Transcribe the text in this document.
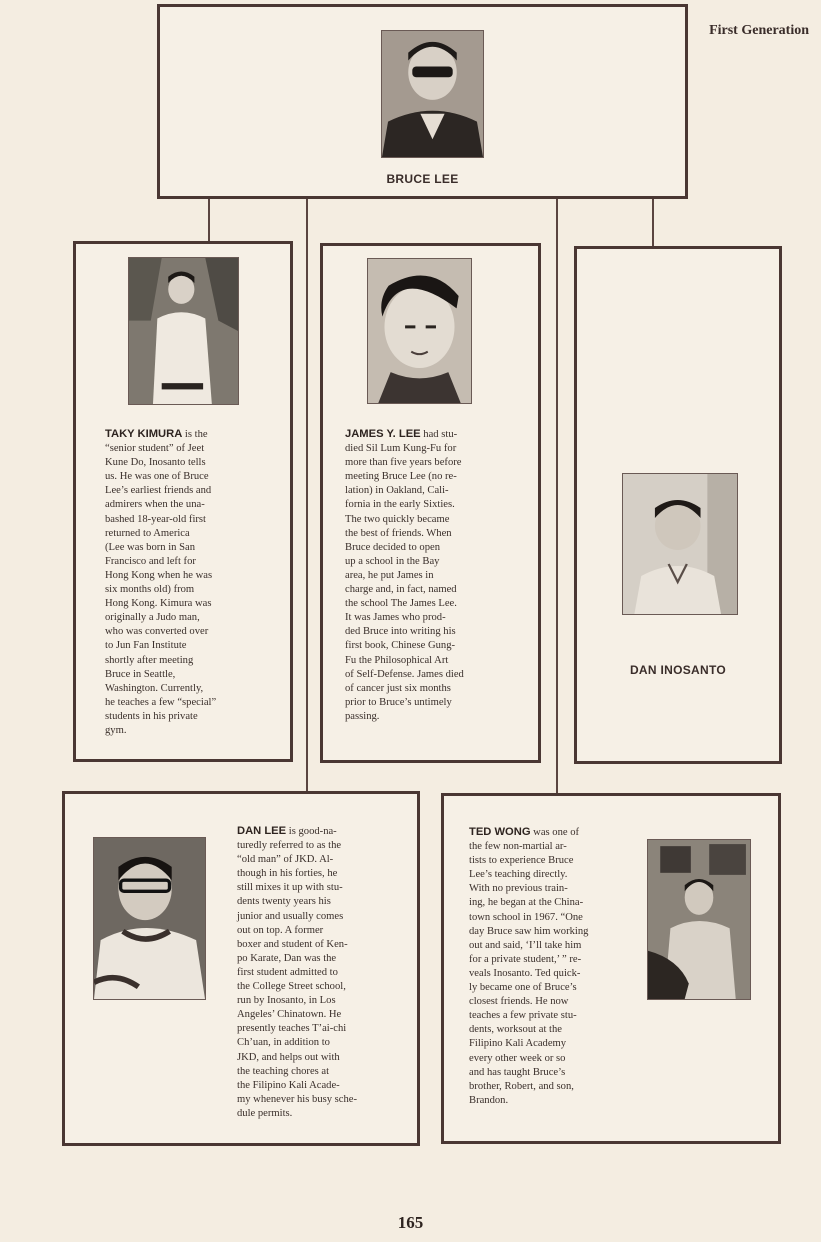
First Generation
BRUCE LEE
TAKY KIMURA is the
“senior student” of Jeet
Kune Do, Inosanto tells
us. He was one of Bruce
Lee’s earliest friends and
admirers when the una-
bashed 18-year-old first
returned to America
(Lee was born in San
Francisco and left for
Hong Kong when he was
six months old) from
Hong Kong. Kimura was
originally a Judo man,
who was converted over
to Jun Fan Institute
shortly after meeting
Bruce in Seattle,
Washington. Currently,
he teaches a few “special”
students in his private
gym.
JAMES Y. LEE had stu-
died Sil Lum Kung-Fu for
more than five years before
meeting Bruce Lee (no re-
lation) in Oakland, Cali-
fornia in the early Sixties.
The two quickly became
the best of friends. When
Bruce decided to open
up a school in the Bay
area, he put James in
charge and, in fact, named
the school The James Lee.
It was James who prod-
ded Bruce into writing his
first book, Chinese Gung-
Fu the Philosophical Art
of Self-Defense. James died
of cancer just six months
prior to Bruce’s untimely
passing.
DAN INOSANTO
DAN LEE is good-na-
turedly referred to as the
“old man” of JKD. Al-
though in his forties, he
still mixes it up with stu-
dents twenty years his
junior and usually comes
out on top. A former
boxer and student of Ken-
po Karate, Dan was the
first student admitted to
the College Street school,
run by Inosanto, in Los
Angeles’ Chinatown. He
presently teaches T’ai-chi
Ch’uan, in addition to
JKD, and helps out with
the teaching chores at
the Filipino Kali Acade-
my whenever his busy sche-
dule permits.
TED WONG was one of
the few non-martial ar-
tists to experience Bruce
Lee’s teaching directly.
With no previous train-
ing, he began at the China-
town school in 1967. “One
day Bruce saw him working
out and said, ‘I’ll take him
for a private student,’ ” re-
veals Inosanto. Ted quick-
ly became one of Bruce’s
closest friends. He now
teaches a few private stu-
dents, worksout at the
Filipino Kali Academy
every other week or so
and has taught Bruce’s
brother, Robert, and son,
Brandon.
165
